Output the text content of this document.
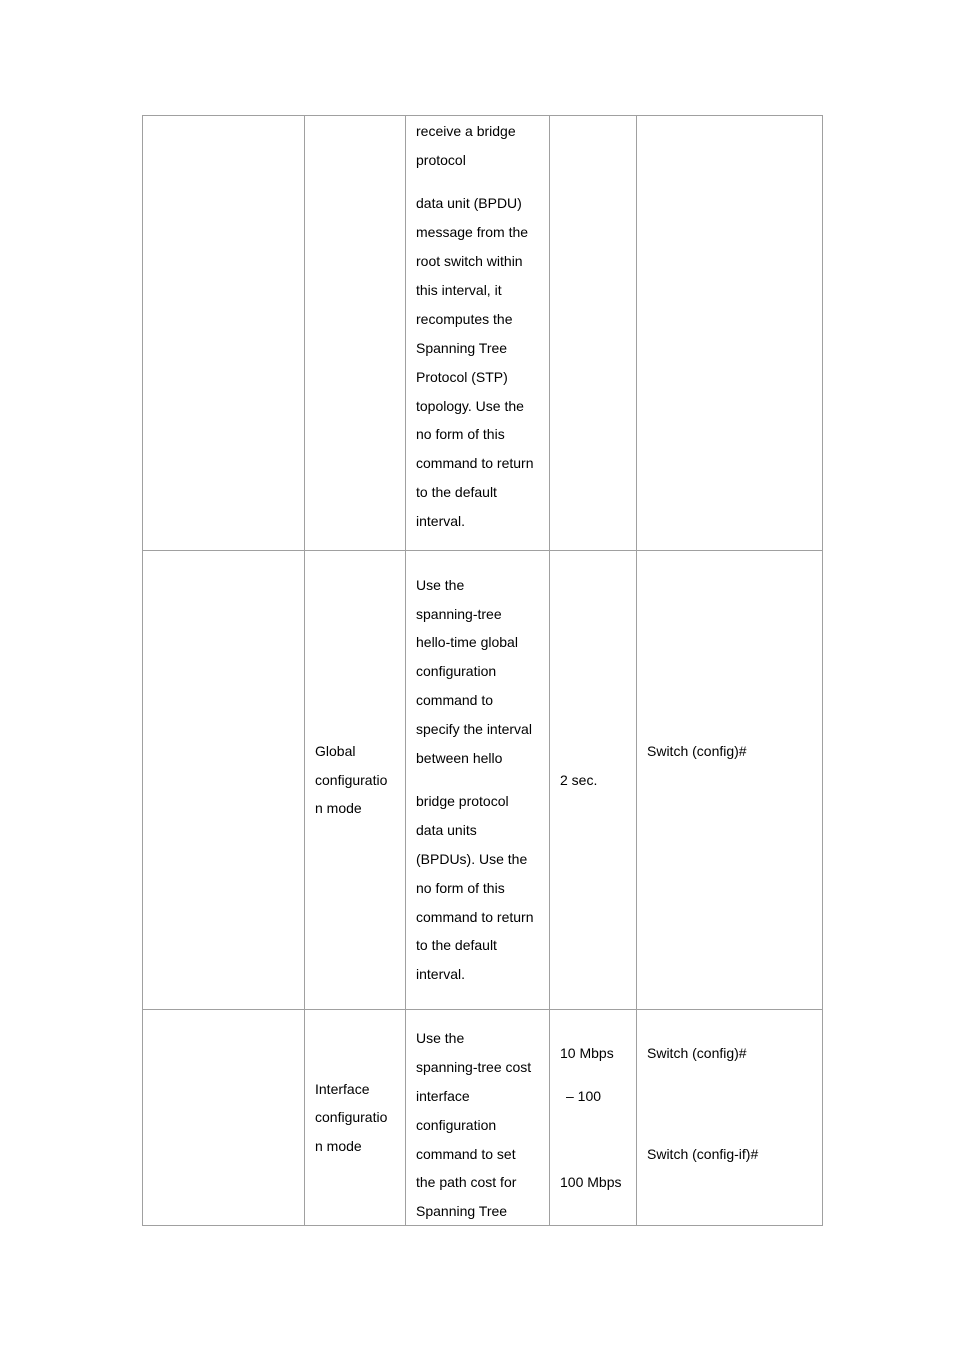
receive a bridge
protocol
data unit (BPDU)
message from the
root switch within
this interval, it
recomputes the
Spanning Tree
Protocol (STP)
topology. Use the
no form of this
command to return
to the default
interval.
Global
configuratio
n mode
Use the
spanning-tree
hello-time global
configuration
command to
specify the interval
between hello
bridge protocol
data units
(BPDUs). Use the
no form of this
command to return
to the default
interval.
2 sec.
Switch (config)#
Interface
configuratio
n mode
Use the
spanning-tree cost
interface
configuration
command to set
the path cost for
Spanning Tree
10 Mbps
– 100
100 Mbps
Switch (config)#
Switch (config-if)#
